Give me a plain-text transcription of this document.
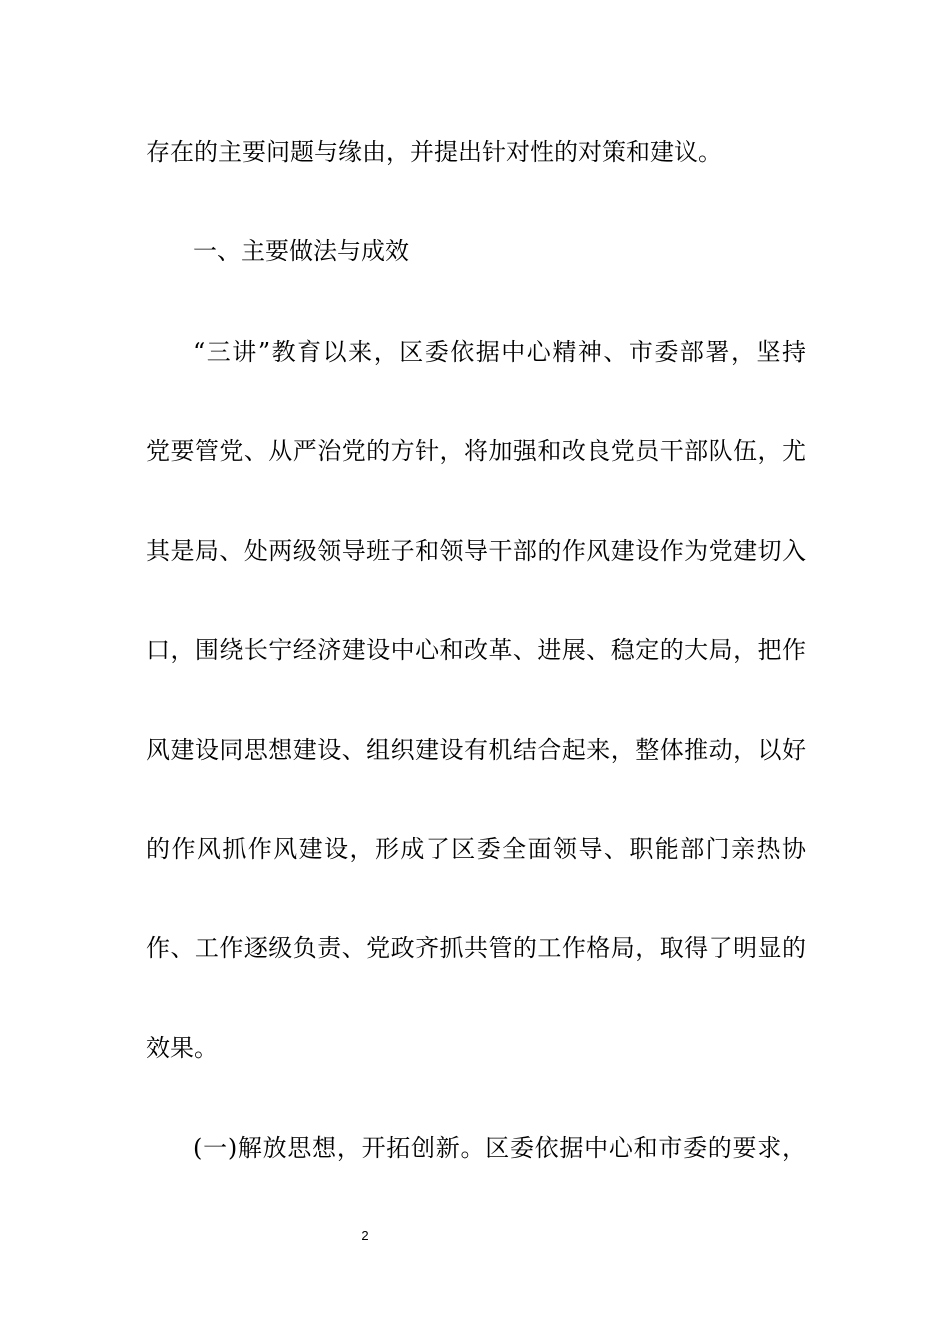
存在的主要问题与缘由，并提出针对性的对策和建议。
一、主要做法与成效
“三讲”教育以来，区委依据中心精神、市委部署，坚持
党要管党、从严治党的方针，将加强和改良党员干部队伍，尤
其是局、处两级领导班子和领导干部的作风建设作为党建切入
口，围绕长宁经济建设中心和改革、进展、稳定的大局，把作
风建设同思想建设、组织建设有机结合起来，整体推动，以好
的作风抓作风建设，形成了区委全面领导、职能部门亲热协
作、工作逐级负责、党政齐抓共管的工作格局，取得了明显的
效果。
(一)解放思想，开拓创新。区委依据中心和市委的要求，
2
